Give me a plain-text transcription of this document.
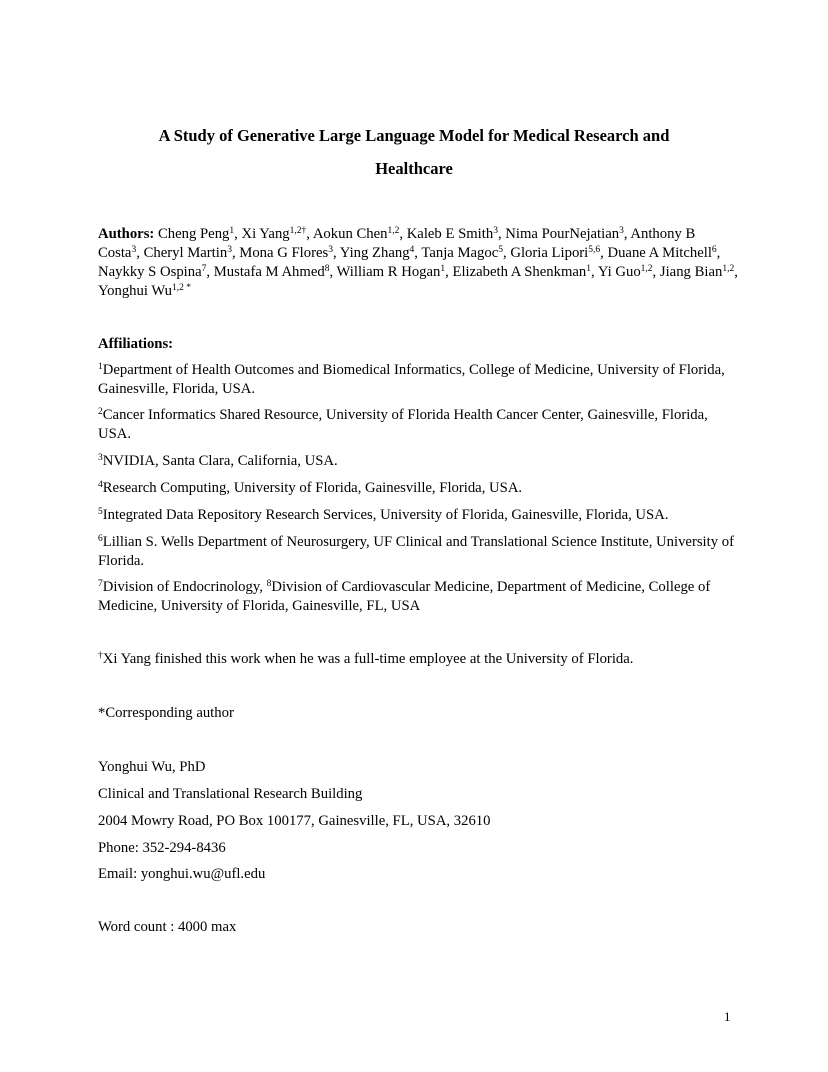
A Study of Generative Large Language Model for Medical Research and
Healthcare
Authors: Cheng Peng$^1$, Xi Yang$^{1,2\dagger}$, Aokun Chen$^{1,2}$, Kaleb E Smith$^3$, Nima PourNejatian$^3$, Anthony B Costa$^3$, Cheryl Martin$^3$, Mona G Flores$^3$, Ying Zhang$^4$, Tanja Magoc$^5$, Gloria Lipori$^{5,6}$, Duane A Mitchell$^6$, Naykky S Ospina$^7$, Mustafa M Ahmed$^8$, William R Hogan$^1$, Elizabeth A Shenkman$^1$, Yi Guo$^{1,2}$, Jiang Bian$^{1,2}$, Yonghui $Wu^{1,2 *}$
Affiliations:
$^1$Department of Health Outcomes and Biomedical Informatics, College of Medicine, University of Florida, Gainesville, Florida, USA.
$^2$Cancer Informatics Shared Resource, University of Florida Health Cancer Center, Gainesville, Florida, USA.
$^3$NVIDIA, Santa Clara, California, USA.
$^4$Research Computing, University of Florida, Gainesville, Florida, USA.
$^5$Integrated Data Repository Research Services, University of Florida, Gainesville, Florida, USA.
$^6$Lillian S. Wells Department of Neurosurgery, UF Clinical and Translational Science Institute, University of Florida.
$^7$Division of Endocrinology, $^8$Division of Cardiovascular Medicine, Department of Medicine, College of Medicine, University of Florida, Gainesville, FL, USA
†Xi Yang finished this work when he was a full-time employee at the University of Florida.
*Corresponding author
Yonghui Wu, PhD
Clinical and Translational Research Building
2004 Mowry Road, PO Box 100177, Gainesville, FL, USA, 32610
Phone: 352-294-8436
Email: yonghui.wu@ufl.edu
Word count : 4000 max
1
